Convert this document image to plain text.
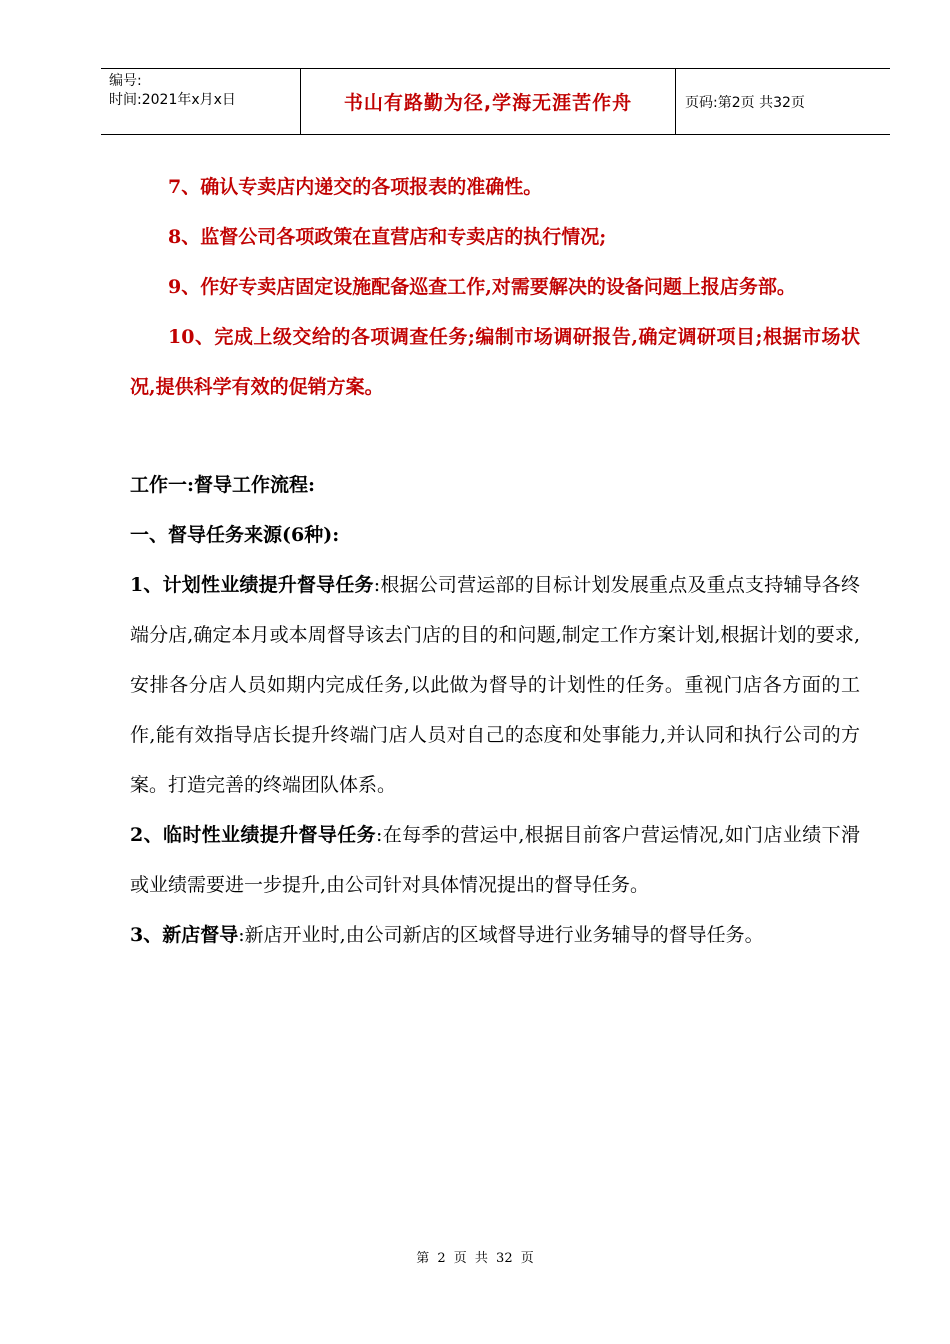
编号:
时间:2021年x月x日	书山有路勤为径,学海无涯苦作舟	页码:第2页 共32页

7、确认专卖店内递交的各项报表的准确性。

8、监督公司各项政策在直营店和专卖店的执行情况;

9、作好专卖店固定设施配备巡查工作,对需要解决的设备问题上报店务部。

10、完成上级交给的各项调查任务;编制市场调研报告,确定调研项目;根据市场状况,提供科学有效的促销方案。

工作一:督导工作流程:

一、督导任务来源(6种):

1、计划性业绩提升督导任务:根据公司营运部的目标计划发展重点及重点支持辅导各终端分店,确定本月或本周督导该去门店的目的和问题,制定工作方案计划,根据计划的要求,安排各分店人员如期内完成任务,以此做为督导的计划性的任务。重视门店各方面的工作,能有效指导店长提升终端门店人员对自己的态度和处事能力,并认同和执行公司的方案。打造完善的终端团队体系。

2、临时性业绩提升督导任务:在每季的营运中,根据目前客户营运情况,如门店业绩下滑或业绩需要进一步提升,由公司针对具体情况提出的督导任务。

3、新店督导:新店开业时,由公司新店的区域督导进行业务辅导的督导任务。

第 2 页 共 32 页
